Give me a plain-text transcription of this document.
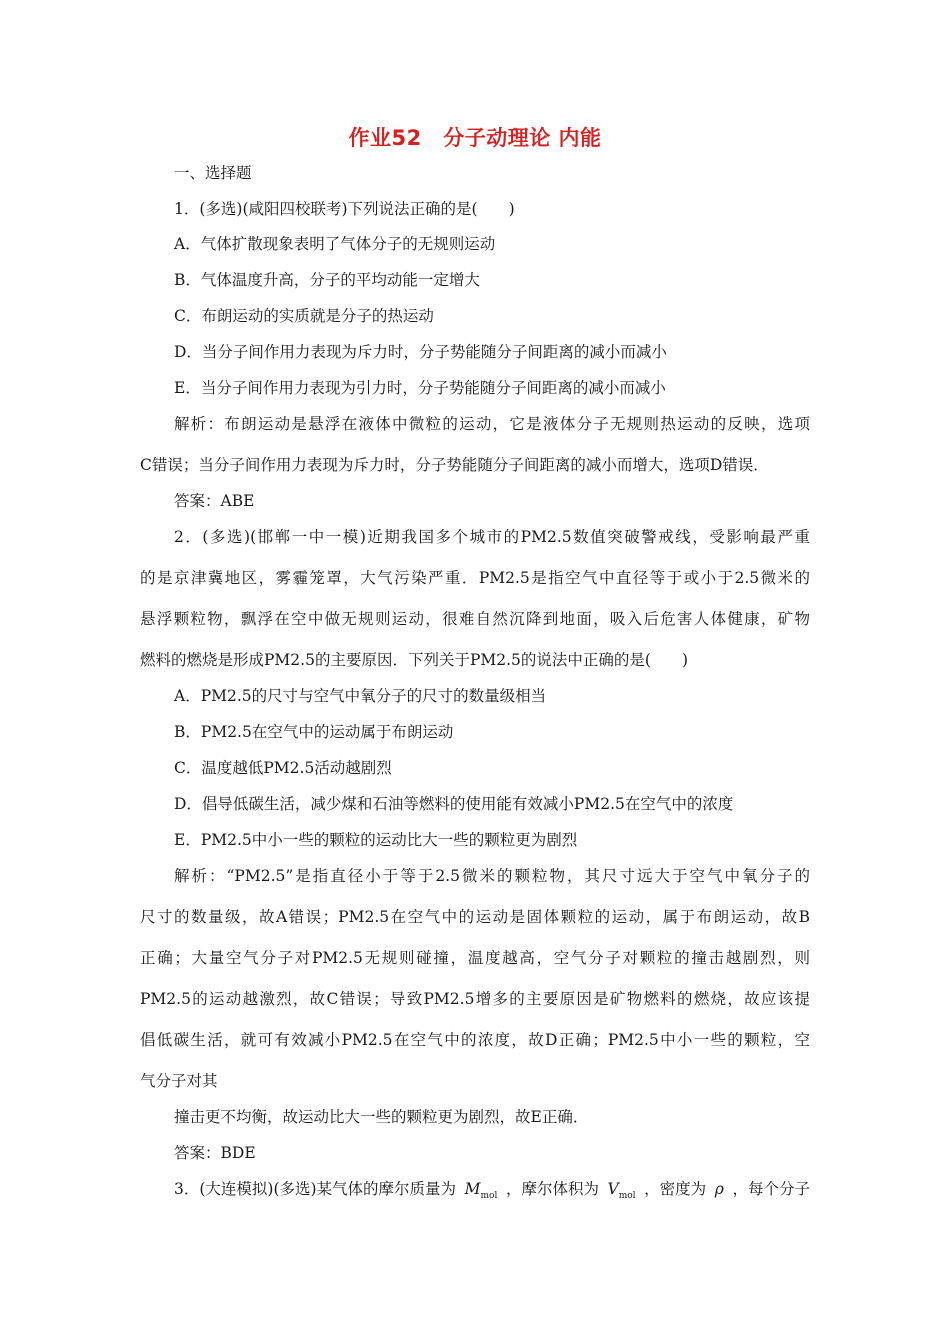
作业52　分子动理论 内能
一、选择题
1．(多选)(咸阳四校联考)下列说法正确的是(　　)
A．气体扩散现象表明了气体分子的无规则运动
B．气体温度升高，分子的平均动能一定增大
C．布朗运动的实质就是分子的热运动
D．当分子间作用力表现为斥力时，分子势能随分子间距离的减小而减小
E．当分子间作用力表现为引力时，分子势能随分子间距离的减小而减小
解析：布朗运动是悬浮在液体中微粒的运动，它是液体分子无规则热运动的反映，选项
C错误；当分子间作用力表现为斥力时，分子势能随分子间距离的减小而增大，选项D错误．
答案：ABE
2．(多选)(邯郸一中一模)近期我国多个城市的PM2.5数值突破警戒线，受影响最严重
的是京津冀地区，雾霾笼罩，大气污染严重．PM2.5是指空气中直径等于或小于2.5微米的
悬浮颗粒物，飘浮在空中做无规则运动，很难自然沉降到地面，吸入后危害人体健康，矿物
燃料的燃烧是形成PM2.5的主要原因．下列关于PM2.5的说法中正确的是(　　)
A．PM2.5的尺寸与空气中氧分子的尺寸的数量级相当
B．PM2.5在空气中的运动属于布朗运动
C．温度越低PM2.5活动越剧烈
D．倡导低碳生活，减少煤和石油等燃料的使用能有效减小PM2.5在空气中的浓度
E．PM2.5中小一些的颗粒的运动比大一些的颗粒更为剧烈
解析：“PM2.5”是指直径小于等于2.5微米的颗粒物，其尺寸远大于空气中氧分子的
尺寸的数量级，故A错误；PM2.5在空气中的运动是固体颗粒的运动，属于布朗运动，故B
正确；大量空气分子对PM2.5无规则碰撞，温度越高，空气分子对颗粒的撞击越剧烈，则
PM2.5的运动越激烈，故C错误；导致PM2.5增多的主要原因是矿物燃料的燃烧，故应该提
倡低碳生活，就可有效减小PM2.5在空气中的浓度，故D正确；PM2.5中小一些的颗粒，空
气分子对其
撞击更不均衡，故运动比大一些的颗粒更为剧烈，故E正确．
答案：BDE
3．(大连模拟)(多选)某气体的摩尔质量为 $M_{mol}$ ，摩尔体积为 $V_{mol}$ ，密度为 ρ ，每个分子
